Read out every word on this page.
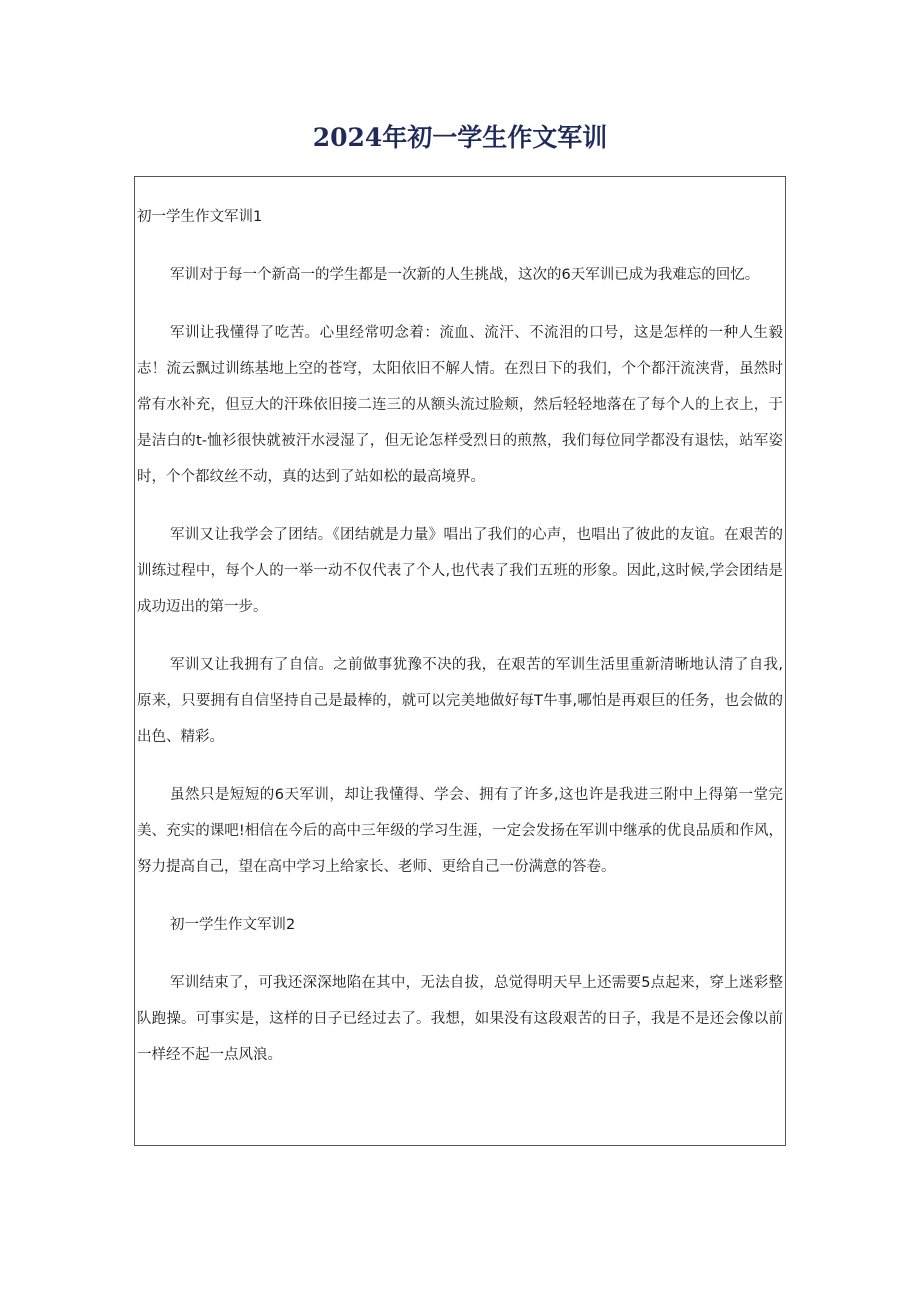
2024年初一学生作文军训

初一学生作文军训1

军训对于每一个新高一的学生都是一次新的人生挑战，这次的6天军训已成为我难忘的回忆。

军训让我懂得了吃苦。心里经常叨念着：流血、流汗、不流泪的口号，这是怎样的一种人生毅志！流云飘过训练基地上空的苍穹，太阳依旧不解人情。在烈日下的我们，个个都汗流浃背，虽然时常有水补充，但豆大的汗珠依旧接二连三的从额头流过脸颊，然后轻轻地落在了每个人的上衣上，于是洁白的t-恤衫很快就被汗水浸湿了，但无论怎样受烈日的煎熬，我们每位同学都没有退怯，站军姿时，个个都纹丝不动，真的达到了站如松的最高境界。

军训又让我学会了团结。《团结就是力量》唱出了我们的心声，也唱出了彼此的友谊。在艰苦的训练过程中，每个人的一举一动不仅代表了个人,也代表了我们五班的形象。因此,这时候,学会团结是成功迈出的第一步。

军训又让我拥有了自信。之前做事犹豫不决的我，在艰苦的军训生活里重新清晰地认清了自我,原来，只要拥有自信坚持自己是最棒的，就可以完美地做好每T牛事,哪怕是再艰巨的任务，也会做的出色、精彩。

虽然只是短短的6天军训，却让我懂得、学会、拥有了许多,这也许是我进三附中上得第一堂完美、充实的课吧!相信在今后的高中三年级的学习生涯，一定会发扬在军训中继承的优良品质和作风，努力提高自己，望在高中学习上给家长、老师、更给自己一份满意的答卷。

初一学生作文军训2

军训结束了，可我还深深地陷在其中，无法自拔，总觉得明天早上还需要5点起来，穿上迷彩整队跑操。可事实是，这样的日子已经过去了。我想，如果没有这段艰苦的日子，我是不是还会像以前一样经不起一点风浪。
